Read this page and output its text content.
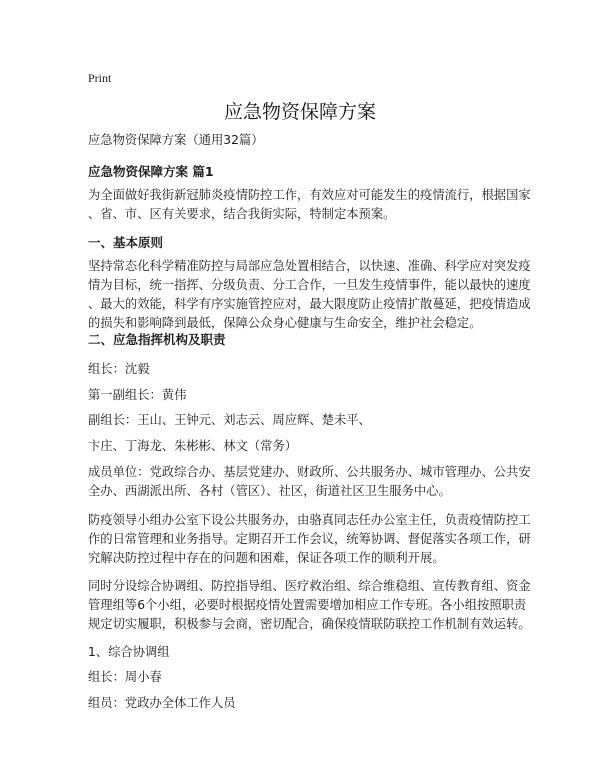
Print
应急物资保障方案
应急物资保障方案（通用32篇）
应急物资保障方案 篇1
为全面做好我街新冠肺炎疫情防控工作，有效应对可能发生的疫情流行，根据国家
、省、市、区有关要求，结合我街实际，特制定本预案。
一、基本原则
坚持常态化科学精准防控与局部应急处置相结合，以快速、准确、科学应对突发疫
情为目标，统一指挥、分级负责、分工合作，一旦发生疫情事件，能以最快的速度
、最大的效能，科学有序实施管控应对，最大限度防止疫情扩散蔓延，把疫情造成
的损失和影响降到最低，保障公众身心健康与生命安全，维护社会稳定。
二、应急指挥机构及职责
组长：沈毅
第一副组长：黄伟
副组长：王山、王钟元、刘志云、周应辉、楚未平、
卞庄、丁海龙、朱彬彬、林文（常务）
成员单位：党政综合办、基层党建办、财政所、公共服务办、城市管理办、公共安
全办、西湖派出所、各村（管区）、社区，街道社区卫生服务中心。
防疫领导小组办公室下设公共服务办，由骆真同志任办公室主任，负责疫情防控工
作的日常管理和业务指导。定期召开工作会议，统筹协调、督促落实各项工作，研
究解决防控过程中存在的问题和困难，保证各项工作的顺利开展。
同时分设综合协调组、防控指导组、医疗救治组、综合维稳组、宣传教育组、资金
管理组等6个小组，必要时根据疫情处置需要增加相应工作专班。各小组按照职责
规定切实履职，积极参与会商，密切配合，确保疫情联防联控工作机制有效运转。
1、综合协调组
组长：周小春
组员：党政办全体工作人员
